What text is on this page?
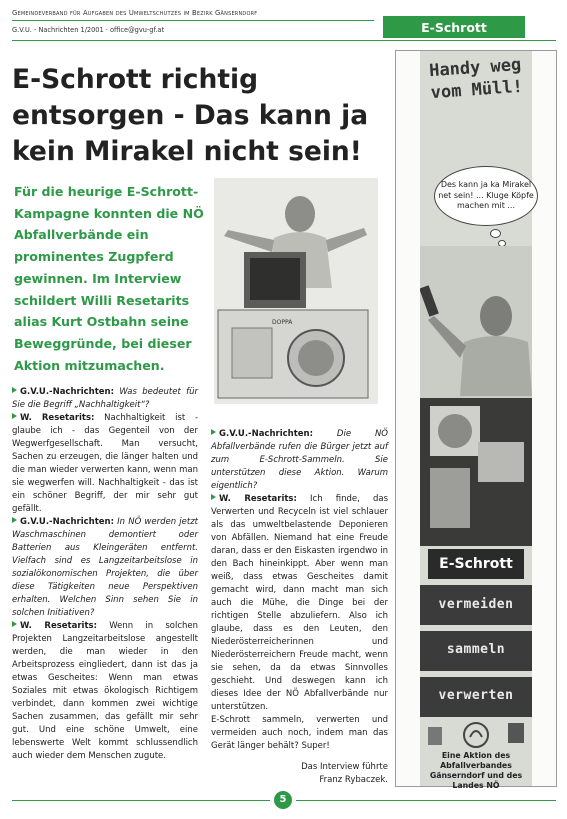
Gemeindeverband für Aufgaben des Umweltschutzes im Bezirk Gänserndorf
G.V.U. - Nachrichten 1/2001 · office@gvu-gf.at	E-Schrott
E-Schrott richtig entsorgen - Das kann ja kein Mirakel nicht sein!

Für die heurige E-Schrott-Kampagne konnten die NÖ Abfallverbände ein prominentes Zugpferd gewinnen. Im Interview schildert Willi Resetarits alias Kurt Ostbahn seine Beweggründe, bei dieser Aktion mitzumachen.

DOPPA

G.V.U.-Nachrichten: Was bedeutet für Sie die Begriff „Nachhaltigkeit“?

W. Resetarits: Nachhaltigkeit ist - glaube ich - das Gegenteil von der Wegwerfgesellschaft. Man versucht, Sachen zu erzeugen, die länger halten und die man wieder verwerten kann, wenn man sie wegwerfen will. Nachhaltigkeit - das ist ein schöner Begriff, der mir sehr gut gefällt.

G.V.U.-Nachrichten: In NÖ werden jetzt Waschmaschinen demontiert oder Batterien aus Kleingeräten entfernt. Vielfach sind es Langzeitarbeitslose in sozialökonomischen Projekten, die über diese Tätigkeiten neue Perspektiven erhalten. Welchen Sinn sehen Sie in solchen Initiativen?

W. Resetarits: Wenn in solchen Projekten Langzeitarbeitslose angestellt werden, die man wieder in den Arbeitsprozess eingliedert, dann ist das ja etwas Gescheites: Wenn man etwas Soziales mit etwas ökologisch Richtigem verbindet, dann kommen zwei wichtige Sachen zusammen, das gefällt mir sehr gut. Und eine schöne Umwelt, eine lebenswerte Welt kommt schlussendlich auch wieder dem Menschen zugute.

G.V.U.-Nachrichten:	Die NÖ Abfallverbände rufen die Bürger jetzt auf zum E-Schrott-Sammeln. Sie unterstützen diese Aktion. Warum eigentlich?

W. Resetarits: Ich finde, das Verwerten und Recyceln ist viel schlauer als das umweltbelastende Deponieren von Abfällen. Niemand hat eine Freude daran, dass er den Eiskasten irgendwo in den Bach hineinkippt. Aber wenn man weiß, dass etwas Gescheites damit gemacht wird, dann macht man sich auch die Mühe, die Dinge bei der richtigen Stelle abzuliefern. Also ich glaube, dass es den Leuten, den Niederösterreicherinnen und Niederösterreichern Freude macht, wenn sie sehen, da da etwas Sinnvolles geschieht. Und deswegen kann ich dieses Idee der NÖ Abfallverbände nur unterstützen.

E-Schrott sammeln, verwerten und vermeiden auch noch, indem man das Gerät länger behält? Super!

Das Interview führte

Franz Rybaczek.

Handy weg
vom Müll!
Des kann ja ka Mirakel net sein! ... Kluge Köpfe machen mit ...
E-Schrott
vermeiden
sammeln
verwerten
Eine Aktion des Abfallverbandes Gänserndorf und des Landes NÖ
5
